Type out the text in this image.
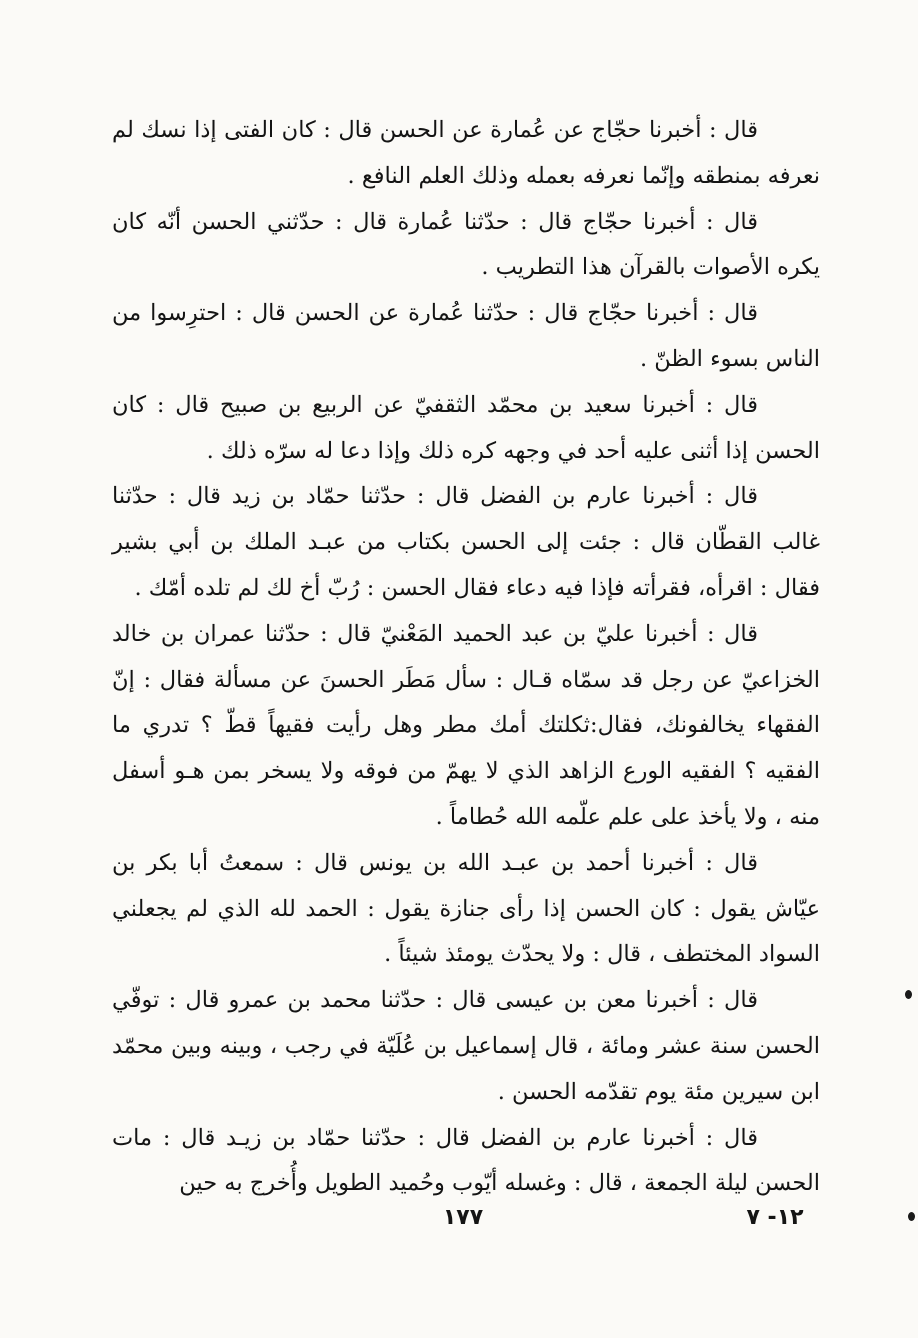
قال : أخبرنا حجّاج عن عُمارة عن الحسن قال : كان الفتى إذا نسك لم نعرفه بمنطقه وإنّما نعرفه بعمله وذلك العلم النافع .

قال : أخبرنا حجّاج قال : حدّثنا عُمارة قال : حدّثني الحسن أنّه كان يكره الأصوات بالقرآن هذا التطريب .

قال : أخبرنا حجّاج قال : حدّثنا عُمارة عن الحسن قال : احترِسوا من الناس بسوء الظنّ .

قال : أخبرنا سعيد بن محمّد الثقفيّ عن الربيع بن صبيح قال : كان الحسن إذا أثنى عليه أحد في وجهه كره ذلك وإذا دعا له سرّه ذلك .

قال : أخبرنا عارم بن الفضل قال : حدّثنا حمّاد بن زيد قال : حدّثنا غالب القطّان قال : جئت إلى الحسن بكتاب من عبـد الملك بن أبي بشير فقال : اقرأه، فقرأته فإذا فيه دعاء فقال الحسن : رُبّ أخ لك لم تلده أمّك .

قال : أخبرنا عليّ بن عبد الحميد المَعْنيّ قال : حدّثنا عمران بن خالد الخزاعيّ عن رجل قد سمّاه قـال : سأل مَطَر الحسنَ عن مسألة فقال : إنّ الفقهاء يخالفونك، فقال:ثكلتك أمك مطر وهل رأيت فقيهاً قطّ ؟ تدري ما الفقيه ؟ الفقيه الورع الزاهد الذي لا يهمّ من فوقه ولا يسخر بمن هـو أسفل منه ، ولا يأخذ على علم علّمه الله حُطاماً .

قال : أخبرنا أحمد بن عبـد الله بن يونس قال : سمعتُ أبا بكر بن عيّاش يقول : كان الحسن إذا رأى جنازة يقول : الحمد لله الذي لم يجعلني السواد المختطف ، قال : ولا يحدّث يومئذ شيئاً .

قال : أخبرنا معن بن عيسى قال : حدّثنا محمد بن عمرو قال : توفّي الحسن سنة عشر ومائة ، قال إسماعيل بن عُلَيّة في رجب ، وبينه وبين محمّد ابن سيرين مئة يوم تقدّمه الحسن .

قال : أخبرنا عارم بن الفضل قال : حدّثنا حمّاد بن زيـد قال : مات الحسن ليلة الجمعة ، قال : وغسله أيّوب وحُميد الطويل وأُخرج به حين

١٧٧	١٢- ٧
